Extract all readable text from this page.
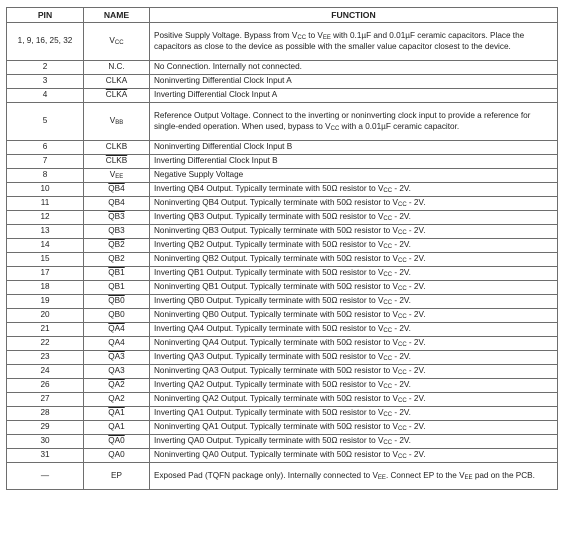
PIN	NAME	FUNCTION
1, 9, 16, 25, 32	$V_{CC}$	Positive Supply Voltage. Bypass from $V_{CC}$ to $V_{EE}$ with 0.1µF and 0.01µF ceramic capacitors. Place the capacitors as close to the device as possible with the smaller value capacitor closest to the device.
2	N.C.	No Connection. Internally not connected.
3	CLKA	Noninverting Differential Clock Input A
4	CLKA	Inverting Differential Clock Input A
5	$V_{BB}$	Reference Output Voltage. Connect to the inverting or noninverting clock input to provide a reference for single-ended operation. When used, bypass to $V_{CC}$ with a 0.01µF ceramic capacitor.
6	CLKB	Noninverting Differential Clock Input B
7	CLKB	Inverting Differential Clock Input B
8	$V_{EE}$	Negative Supply Voltage
10	QB4	Inverting QB4 Output. Typically terminate with 50Ω resistor to $V_{CC} - 2V$.
11	QB4	Noninverting QB4 Output. Typically terminate with 50Ω resistor to $V_{CC} - 2V$.
12	QB3	Inverting QB3 Output. Typically terminate with 50Ω resistor to $V_{CC} - 2V$.
13	QB3	Noninverting QB3 Output. Typically terminate with 50Ω resistor to $V_{CC} - 2V$.
14	QB2	Inverting QB2 Output. Typically terminate with 50Ω resistor to $V_{CC} - 2V$.
15	QB2	Noninverting QB2 Output. Typically terminate with 50Ω resistor to $V_{CC} - 2V$.
17	QB1	Inverting QB1 Output. Typically terminate with 50Ω resistor to $V_{CC} - 2V$.
18	QB1	Noninverting QB1 Output. Typically terminate with 50Ω resistor to $V_{CC} - 2V$.
19	QB0	Inverting QB0 Output. Typically terminate with 50Ω resistor to $V_{CC} - 2V$.
20	QB0	Noninverting QB0 Output. Typically terminate with 50Ω resistor to $V_{CC} - 2V$.
21	QA4	Inverting QA4 Output. Typically terminate with 50Ω resistor to $V_{CC} - 2V$.
22	QA4	Noninverting QA4 Output. Typically terminate with 50Ω resistor to $V_{CC} - 2V$.
23	QA3	Inverting QA3 Output. Typically terminate with 50Ω resistor to $V_{CC} - 2V$.
24	QA3	Noninverting QA3 Output. Typically terminate with 50Ω resistor to $V_{CC} - 2V$.
26	QA2	Inverting QA2 Output. Typically terminate with 50Ω resistor to $V_{CC} - 2V$.
27	QA2	Noninverting QA2 Output. Typically terminate with 50Ω resistor to $V_{CC} - 2V$.
28	QA1	Inverting QA1 Output. Typically terminate with 50Ω resistor to $V_{CC} - 2V$.
29	QA1	Noninverting QA1 Output. Typically terminate with 50Ω resistor to $V_{CC} - 2V$.
30	QA0	Inverting QA0 Output. Typically terminate with 50Ω resistor to $V_{CC} - 2V$.
31	QA0	Noninverting QA0 Output. Typically terminate with 50Ω resistor to $V_{CC} - 2V$.
—	EP	Exposed Pad (TQFN package only). Internally connected to $V_{EE}$. Connect EP to the $V_{EE}$ pad on the PCB.
